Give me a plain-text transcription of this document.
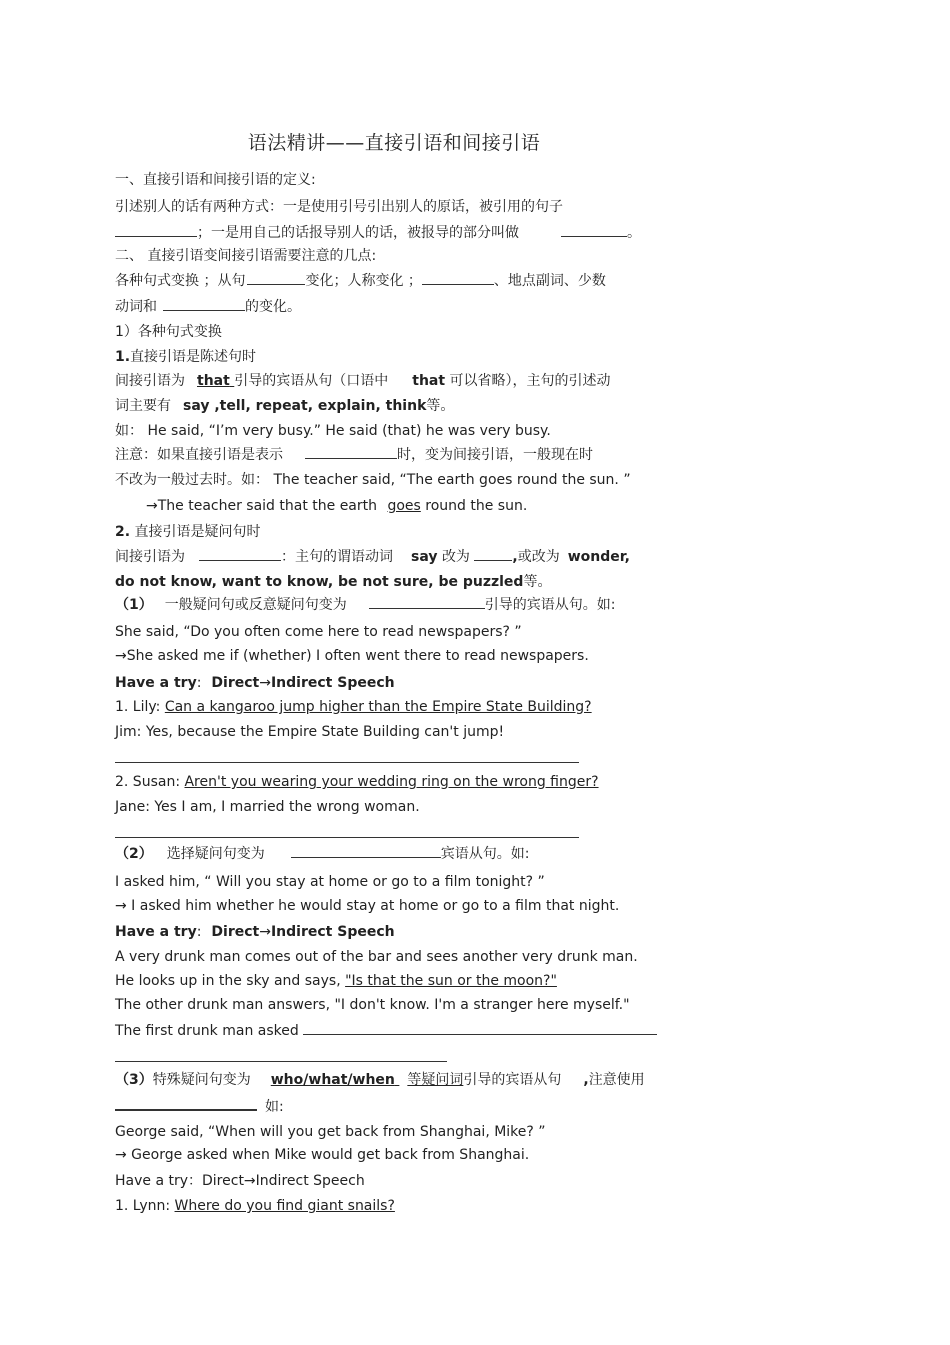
语法精讲——直接引语和间接引语
一、直接引语和间接引语的定义:
引述别人的话有两种方式：一是使用引号引出别人的原话，被引用的句子
；一是用自己的话报导别人的话，被报导的部分叫做	。
二、 直接引语变间接引语需要注意的几点:
各种句式变换 ；从句	变化；人称变化 ；	、地点副词、少数
动词和	的变化。
1）各种句式变换
1.直接引语是陈述句时
间接引语为 that 引导的宾语从句（口语中 that 可以省略），主句的引述动
词主要有 say ,tell, repeat, explain, think等。
如： He said, “I’m very busy.” He said (that) he was very busy.
注意：如果直接引语是表示	时，变为间接引语，一般现在时
不改为一般过去时。如： The teacher said, “The earth goes round the sun. ”
→The teacher said that the earth goes round the sun.
2. 直接引语是疑问句时
间接引语为	：主句的谓语动词 say 改为	,或改为 wonder,
do not know, want to know, be not sure, be puzzled等。
（1） 一般疑问句或反意疑问句变为	引导的宾语从句。如:
She said, “Do you often come here to read newspapers? ”
→She asked me if (whether) I often went there to read newspapers.
Have a try: Direct→Indirect Speech
1. Lily: Can a kangaroo jump higher than the Empire State Building?
Jim: Yes, because the Empire State Building can't jump!
2. Susan: Aren't you wearing your wedding ring on the wrong finger?
Jane: Yes I am, I married the wrong woman.
（2） 选择疑问句变为	宾语从句。如:
I asked him, “ Will you stay at home or go to a film tonight? ”
→ I asked him whether he would stay at home or go to a film that night.
Have a try: Direct→Indirect Speech
A very drunk man comes out of the bar and sees another very drunk man.
He looks up in the sky and says, "Is that the sun or the moon?"
The other drunk man answers, "I don't know. I'm a stranger here myself."
The first drunk man asked
（3）特殊疑问句变为 who/what/when 等疑问词引导的宾语从句 ,注意使用
如:
George said, “When will you get back from Shanghai, Mike? ”
→ George asked when Mike would get back from Shanghai.
Have a try：Direct→Indirect Speech
1. Lynn: Where do you find giant snails?
